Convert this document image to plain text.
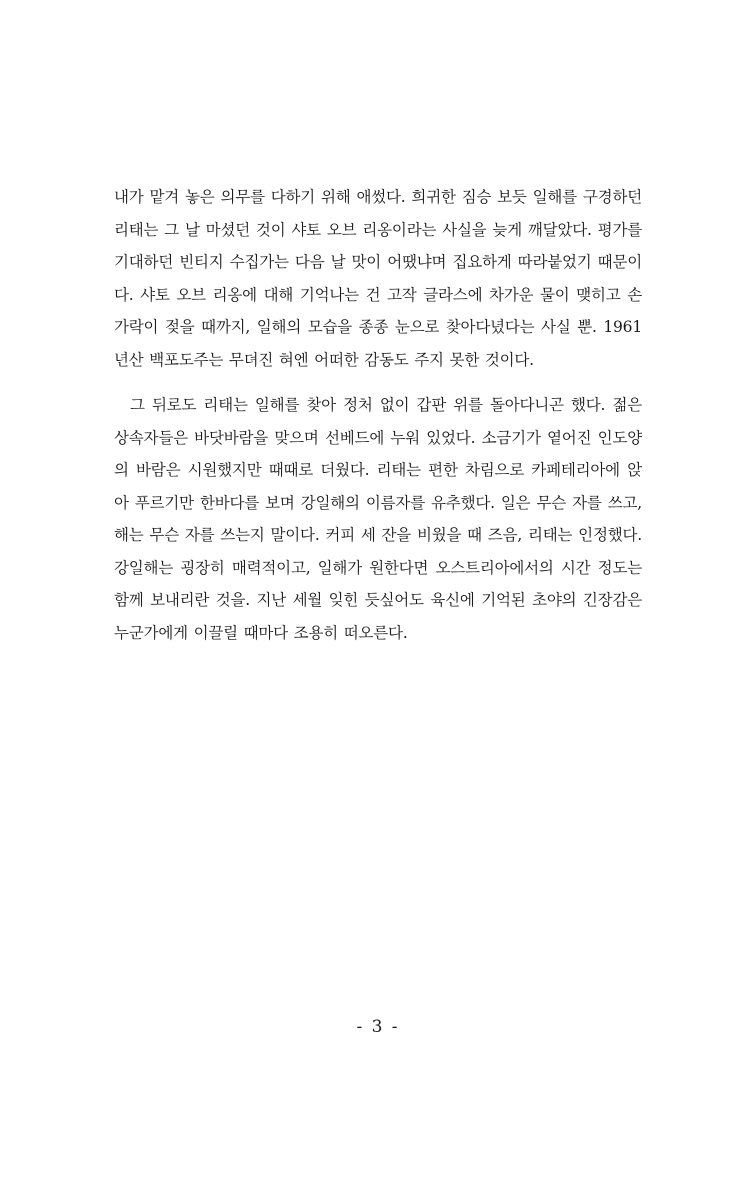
내가 맡겨 놓은 의무를 다하기 위해 애썼다. 희귀한 짐승 보듯 일해를 구경하던 리태는 그 날 마셨던 것이 샤토 오브 리옹이라는 사실을 늦게 깨달았다. 평가를 기대하던 빈티지 수집가는 다음 날 맛이 어땠냐며 집요하게 따라붙었기 때문이다. 샤토 오브 리옹에 대해 기억나는 건 고작 글라스에 차가운 물이 맺히고 손가락이 젖을 때까지, 일해의 모습을 종종 눈으로 찾아다녔다는 사실 뿐. 1961년산 백포도주는 무뎌진 혀엔 어떠한 감동도 주지 못한 것이다.

그 뒤로도 리태는 일해를 찾아 정처 없이 갑판 위를 돌아다니곤 했다. 젊은 상속자들은 바닷바람을 맞으며 선베드에 누워 있었다. 소금기가 옅어진 인도양의 바람은 시원했지만 때때로 더웠다. 리태는 편한 차림으로 카페테리아에 앉아 푸르기만 한바다를 보며 강일해의 이름자를 유추했다. 일은 무슨 자를 쓰고, 해는 무슨 자를 쓰는지 말이다. 커피 세 잔을 비웠을 때 즈음, 리태는 인정했다. 강일해는 굉장히 매력적이고, 일해가 원한다면 오스트리아에서의 시간 정도는 함께 보내리란 것을. 지난 세월 잊힌 듯싶어도 육신에 기억된 초야의 긴장감은 누군가에게 이끌릴 때마다 조용히 떠오른다.

- 3 -
